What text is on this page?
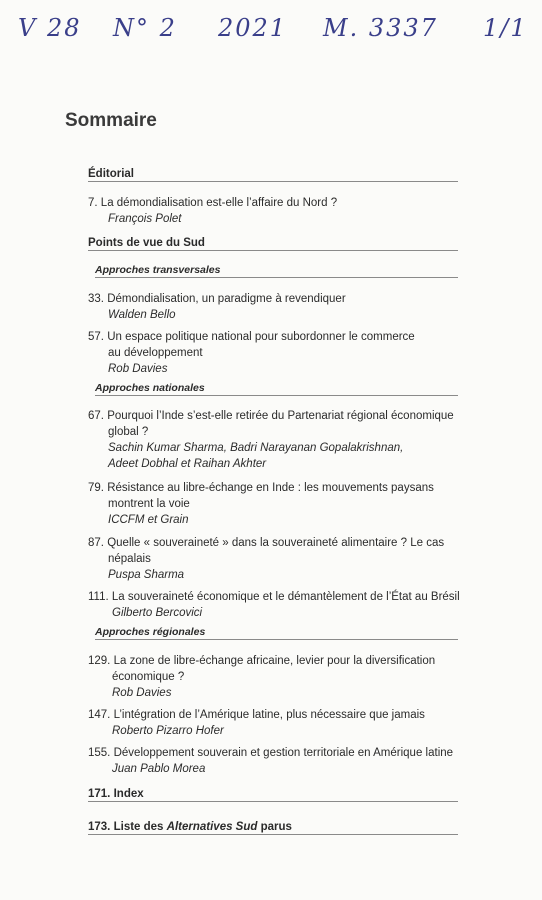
V 28 N° 2 2021 M. 3337 1/1
Sommaire
Éditorial
7. La démondialisation est-elle l’affaire du Nord ?
François Polet
Points de vue du Sud
Approches transversales
33. Démondialisation, un paradigme à revendiquer
Walden Bello
57. Un espace politique national pour subordonner le commerce
au développement
Rob Davies
Approches nationales
67. Pourquoi l’Inde s’est-elle retirée du Partenariat régional économique
global ?
Sachin Kumar Sharma, Badri Narayanan Gopalakrishnan,
Adeet Dobhal et Raihan Akhter
79. Résistance au libre-échange en Inde : les mouvements paysans
montrent la voie
ICCFM et Grain
87. Quelle « souveraineté » dans la souveraineté alimentaire ? Le cas
népalais
Puspa Sharma
111. La souveraineté économique et le démantèlement de l’État au Brésil
Gilberto Bercovici
Approches régionales
129. La zone de libre-échange africaine, levier pour la diversification
économique ?
Rob Davies
147. L’intégration de l’Amérique latine, plus nécessaire que jamais
Roberto Pizarro Hofer
155. Développement souverain et gestion territoriale en Amérique latine
Juan Pablo Morea
171. Index
173. Liste des Alternatives Sud parus
